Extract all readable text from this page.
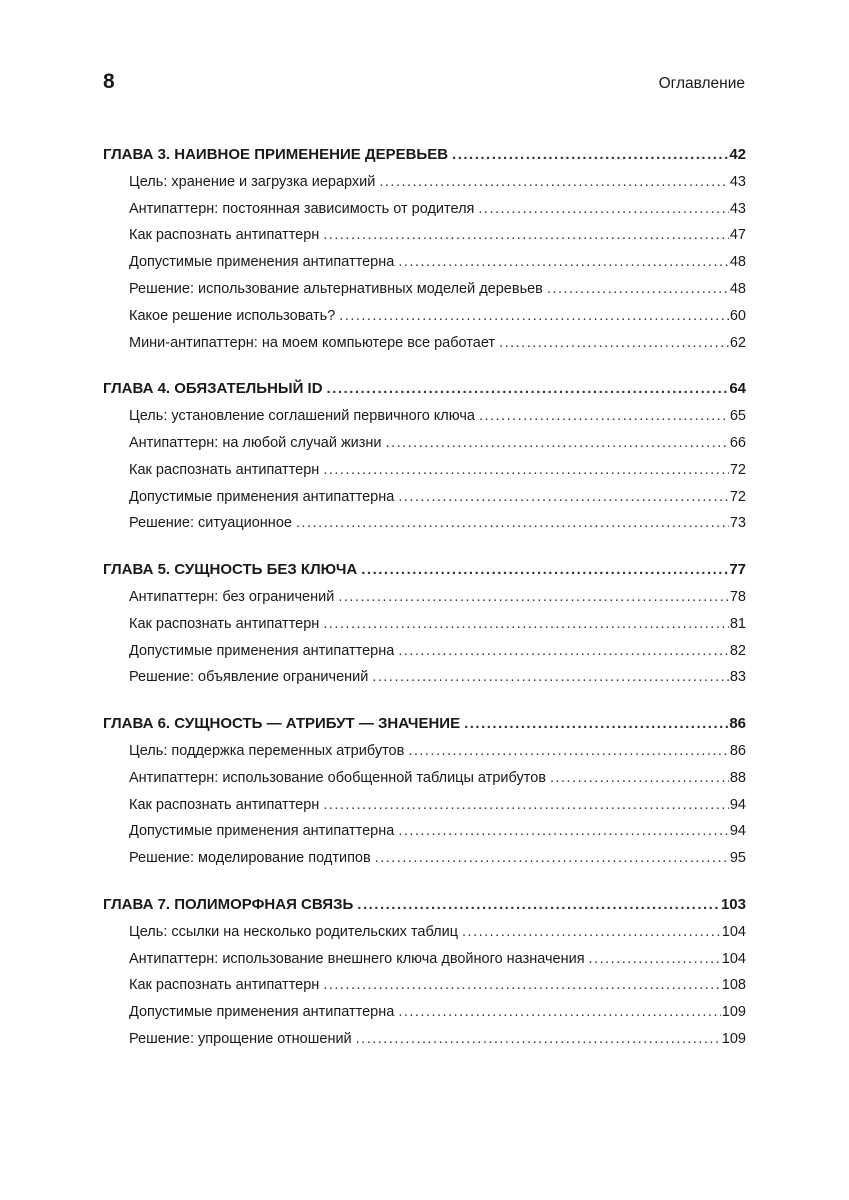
8	Оглавление
ГЛАВА 3. НАИВНОЕ ПРИМЕНЕНИЕ ДЕРЕВЬЕВ .....	42
Цель: хранение и загрузка иерархий .....	43
Антипаттерн: постоянная зависимость от родителя .....	43
Как распознать антипаттерн .....	47
Допустимые применения антипаттерна .....	48
Решение: использование альтернативных моделей деревьев .....	48
Какое решение использовать? .....	60
Мини-антипаттерн: на моем компьютере все работает .....	62
ГЛАВА 4. ОБЯЗАТЕЛЬНЫЙ ID .....	64
Цель: установление соглашений первичного ключа .....	65
Антипаттерн: на любой случай жизни .....	66
Как распознать антипаттерн .....	72
Допустимые применения антипаттерна .....	72
Решение: ситуационное .....	73
ГЛАВА 5. СУЩНОСТЬ БЕЗ КЛЮЧА .....	77
Антипаттерн: без ограничений .....	78
Как распознать антипаттерн .....	81
Допустимые применения антипаттерна .....	82
Решение: объявление ограничений .....	83
ГЛАВА 6. СУЩНОСТЬ — АТРИБУТ — ЗНАЧЕНИЕ .....	86
Цель: поддержка переменных атрибутов .....	86
Антипаттерн: использование обобщенной таблицы атрибутов .....	88
Как распознать антипаттерн .....	94
Допустимые применения антипаттерна .....	94
Решение: моделирование подтипов .....	95
ГЛАВА 7. ПОЛИМОРФНАЯ СВЯЗЬ .....	103
Цель: ссылки на несколько родительских таблиц .....	104
Антипаттерн: использование внешнего ключа двойного назначения .....	104
Как распознать антипаттерн .....	108
Допустимые применения антипаттерна .....	109
Решение: упрощение отношений .....	109
